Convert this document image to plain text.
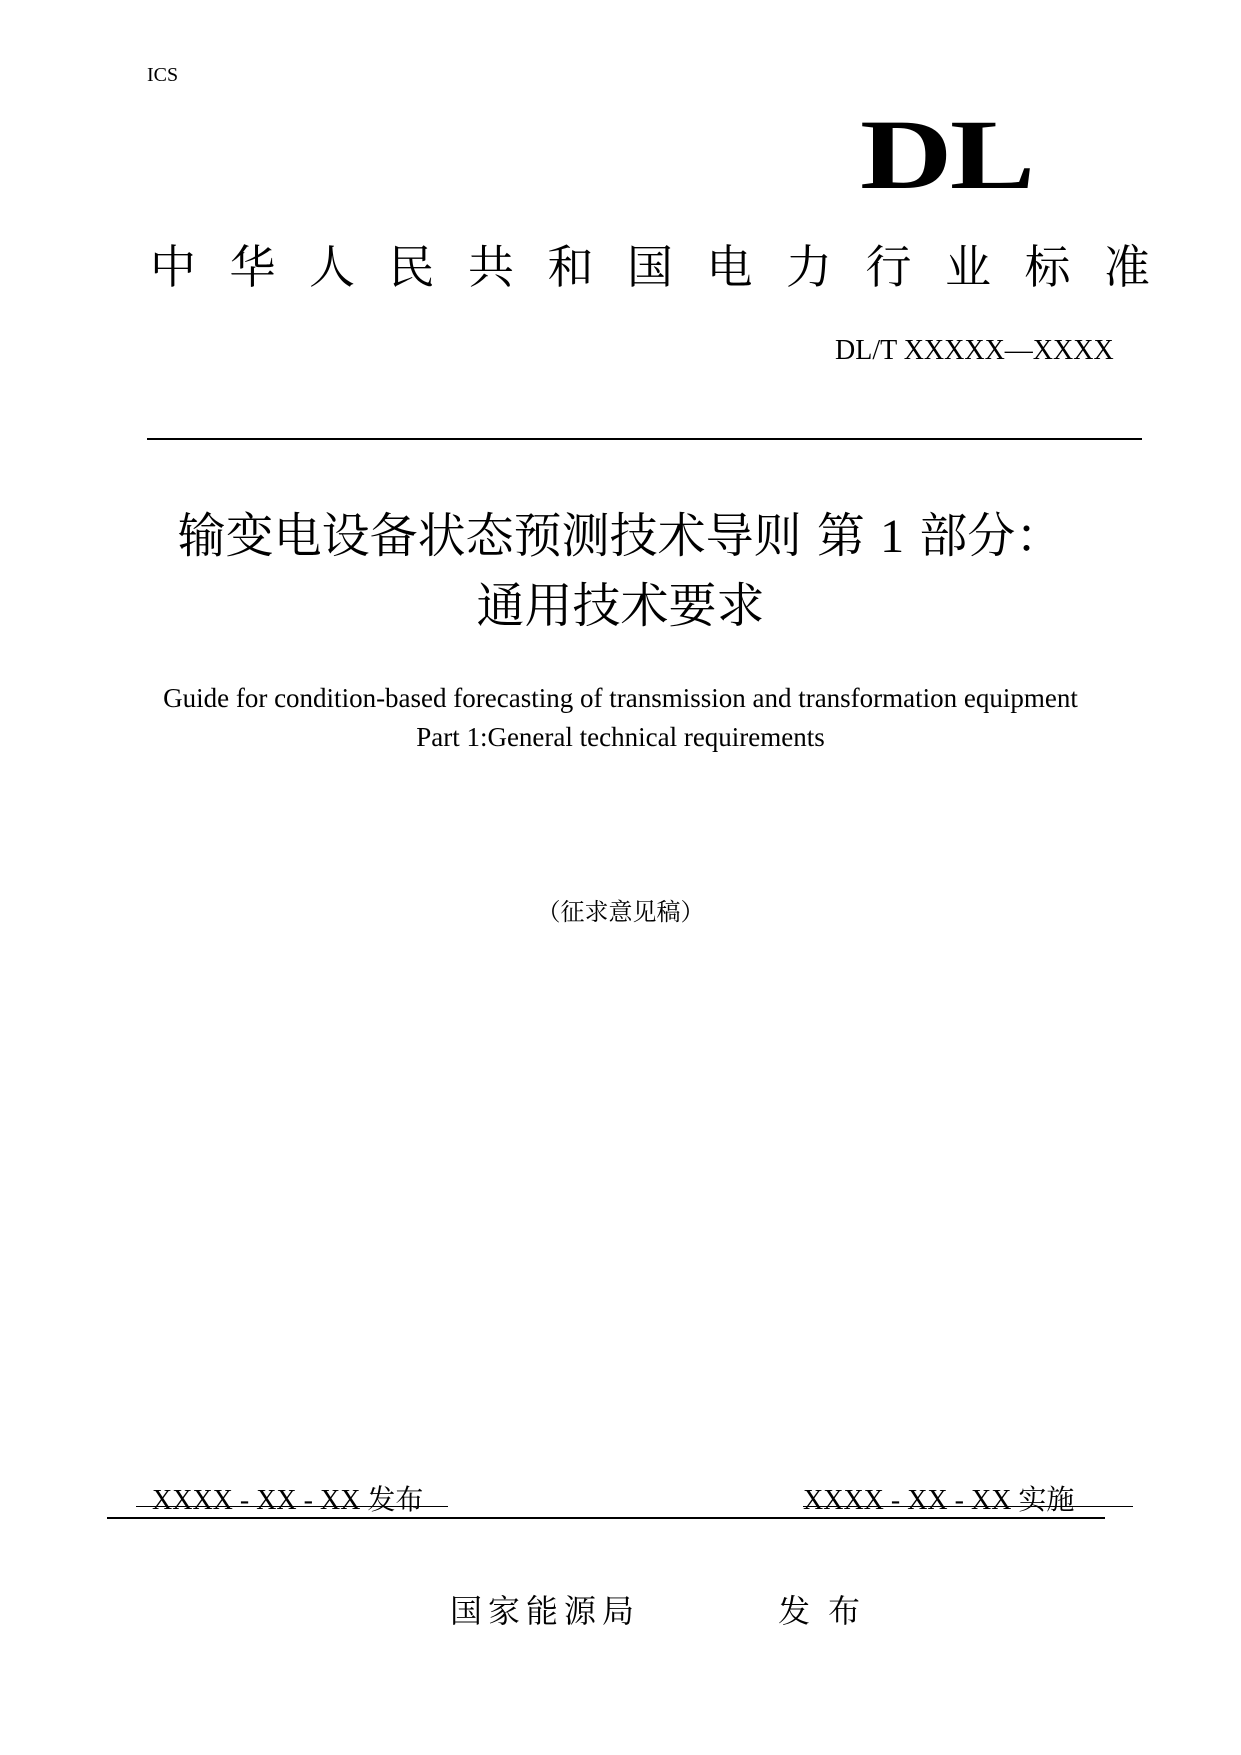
ICS
DL
中 华 人 民 共 和 国 电 力 行 业 标 准
DL/T XXXXX—XXXX
输变电设备状态预测技术导则 第 1 部分：
通用技术要求
Guide for condition-based forecasting of transmission and transformation equipment
Part 1:General technical requirements
（征求意见稿）
XXXX - XX - XX 发布	XXXX - XX - XX 实施
国家能源局	发布
